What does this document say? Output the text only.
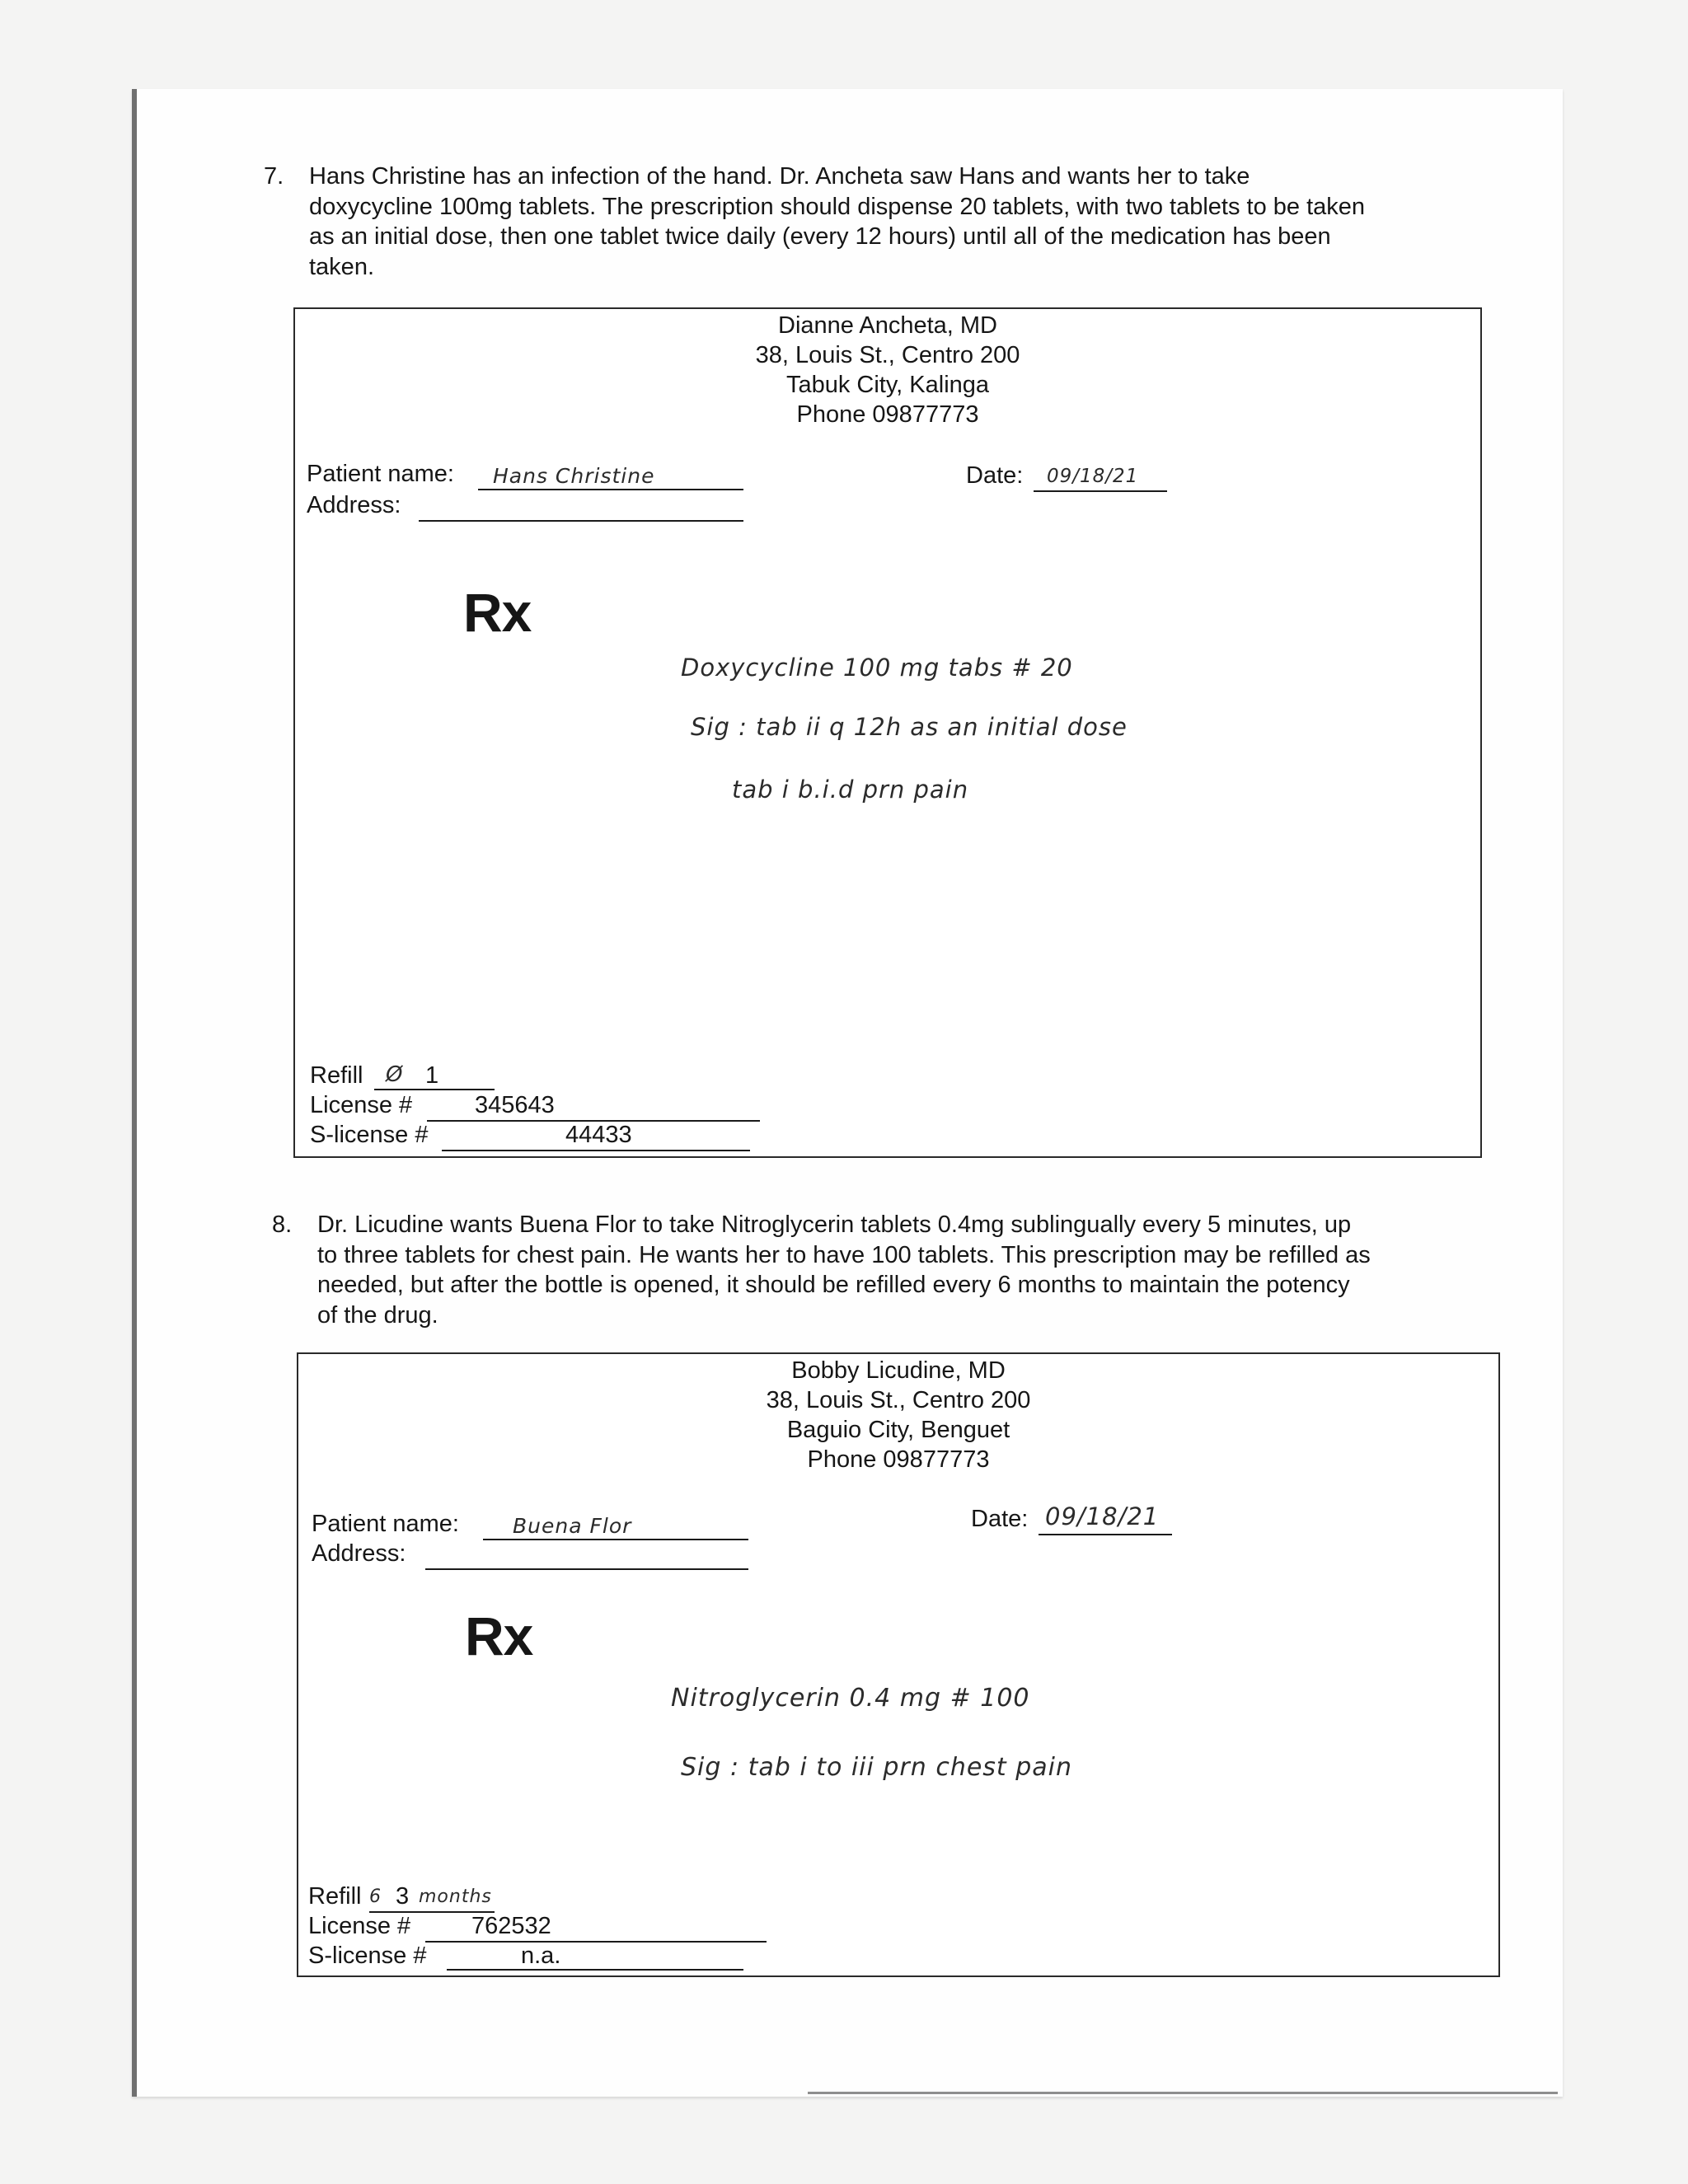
7. Hans Christine has an infection of the hand. Dr. Ancheta saw Hans and wants her to take
doxycycline 100mg tablets. The prescription should dispense 20 tablets, with two tablets to be taken
as an initial dose, then one tablet twice daily (every 12 hours) until all of the medication has been
taken.
Dianne Ancheta, MD
38, Louis St., Centro 200
Tabuk City, Kalinga
Phone 09877773
Patient name: Hans Christine
Address:
Date: 09/18/21
Rx
Doxycycline 100 mg tabs # 20
Sig : tab ii q 12h as an initial dose
tab i b.i.d prn pain
Refill Ø 1
License #	345643
S-license #	44433
8. Dr. Licudine wants Buena Flor to take Nitroglycerin tablets 0.4mg sublingually every 5 minutes, up
to three tablets for chest pain. He wants her to have 100 tablets. This prescription may be refilled as
needed, but after the bottle is opened, it should be refilled every 6 months to maintain the potency
of the drug.
Bobby Licudine, MD
38, Louis St., Centro 200
Baguio City, Benguet
Phone 09877773
Patient name:	Buena Flor
Address:
Date: 09/18/21
Rx
Nitroglycerin 0.4 mg # 100
Sig : tab i to iii prn chest pain
Refill 6 3 months
License #	762532
S-license #	n.a.
